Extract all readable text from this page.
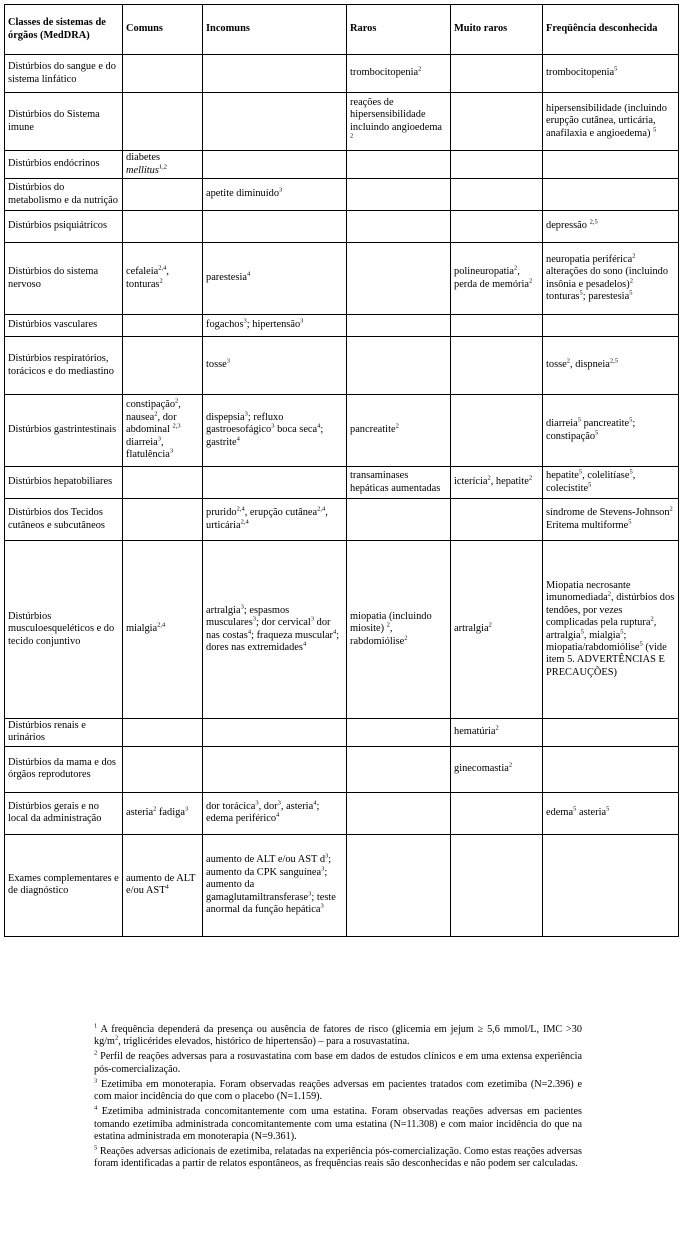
Classes de sistemas de órgãos (MedDRA)	Comuns	Incomuns	Raros	Muito raros	Freqüência desconhecida
Distúrbios do sangue e do sistema linfático			trombocitopenia$^2$		trombocitopenia$^5$
Distúrbios do Sistema imune			reações de hipersensibilidade incluindo angioedema $^2$		hipersensibilidade (incluindo erupção cutânea, urticária, anafilaxia e angioedema) $^5$
Distúrbios endócrinos	diabetes mellitus$^{1,2}$				
Distúrbios do metabolismo e da nutrição		apetite diminuído$^3$			
Distúrbios psiquiátricos					depressão $^{2,5}$
Distúrbios do sistema nervoso	cefaleia$^{2,4}$, tonturas$^2$	parestesia$^4$		polineuropatia$^2$, perda de memória$^2$	neuropatia periférica$^2$ alterações do sono (incluindo insônia e pesadelos)$^2$ tonturas$^5$; parestesia$^5$
Distúrbios vasculares		fogachos$^3$; hipertensão$^3$			
Distúrbios respiratórios, torácicos e do mediastino		tosse$^3$			tosse$^2$, dispneia$^{2,5}$
Distúrbios gastrintestinais	constipação$^2$, nausea$^2$, dor abdominal $^{2,3}$ diarreia$^3$, flatulência$^3$	dispepsia$^3$; refluxo gastroesofágico$^3$ boca seca$^4$; gastrite$^4$	pancreatite$^2$		diarreia$^5$ pancreatite$^5$; constipação$^5$
Distúrbios hepatobiliares			transaminases hepáticas aumentadas	icterícia$^2$, hepatite$^2$	hepatite$^5$, colelitíase$^5$, colecistite$^5$
Distúrbios dos Tecidos cutâneos e subcutâneos		prurido$^{2,4}$, erupção cutânea$^{2,4}$, urticária$^{2,4}$			síndrome de Stevens-Johnson$^2$ Eritema multiforme$^5$
Distúrbios musculoesqueléticos e do tecido conjuntivo	mialgia$^{2,4}$	artralgia$^3$; espasmos musculares$^3$; dor cervical$^3$ dor nas costas$^4$; fraqueza muscular$^4$; dores nas extremidades$^4$	miopatia (incluindo miosite) $^2$, rabdomiólise$^2$	artralgia$^2$	Miopatia necrosante imunomediada$^2$, distúrbios dos tendões, por vezes complicadas pela ruptura$^2$, artralgia$^5$, mialgia$^5$; miopatia/rabdomiólise$^5$ (vide item 5. ADVERTÊNCIAS E PRECAUÇÕES)
Distúrbios renais e urinários				hematúria$^2$	
Distúrbios da mama e dos órgãos reprodutores				ginecomastia$^2$	
Distúrbios gerais e no local da administração	asteria$^2$ fadiga$^3$	dor torácica$^3$, dor$^3$, asteria$^4$; edema periférico$^4$			edema$^5$ asteria$^5$
Exames complementares e de diagnóstico	aumento de ALT e/ou AST$^4$	aumento de ALT e/ou AST $d^3$; aumento da CPK sanguínea$^3$; aumento da gamaglutamiltransferase$^3$; teste anormal da função hepática$^3$			

$^1$ A frequência dependerá da presença ou ausência de fatores de risco (glicemia em jejum ≥ 5,6 mmol/L, IMC >30 $kg/m^2$, triglicérides elevados, histórico de hipertensão) – para a rosuvastatina.

$^2$ Perfil de reações adversas para a rosuvastatina com base em dados de estudos clínicos e em uma extensa experiência pós-comercialização.

$^3$ Ezetimiba em monoterapia. Foram observadas reações adversas em pacientes tratados com ezetimiba (N=2.396) e com maior incidência do que com o placebo (N=1.159).

$^4$ Ezetimiba administrada concomitantemente com uma estatina. Foram observadas reações adversas em pacientes tomando ezetimiba administrada concomitantemente com uma estatina (N=11.308) e com maior incidência do que na estatina administrada em monoterapia (N=9.361).

$^5$ Reações adversas adicionais de ezetimiba, relatadas na experiência pós-comercialização. Como estas reações adversas foram identificadas a partir de relatos espontâneos, as frequências reais são desconhecidas e não podem ser calculadas.
